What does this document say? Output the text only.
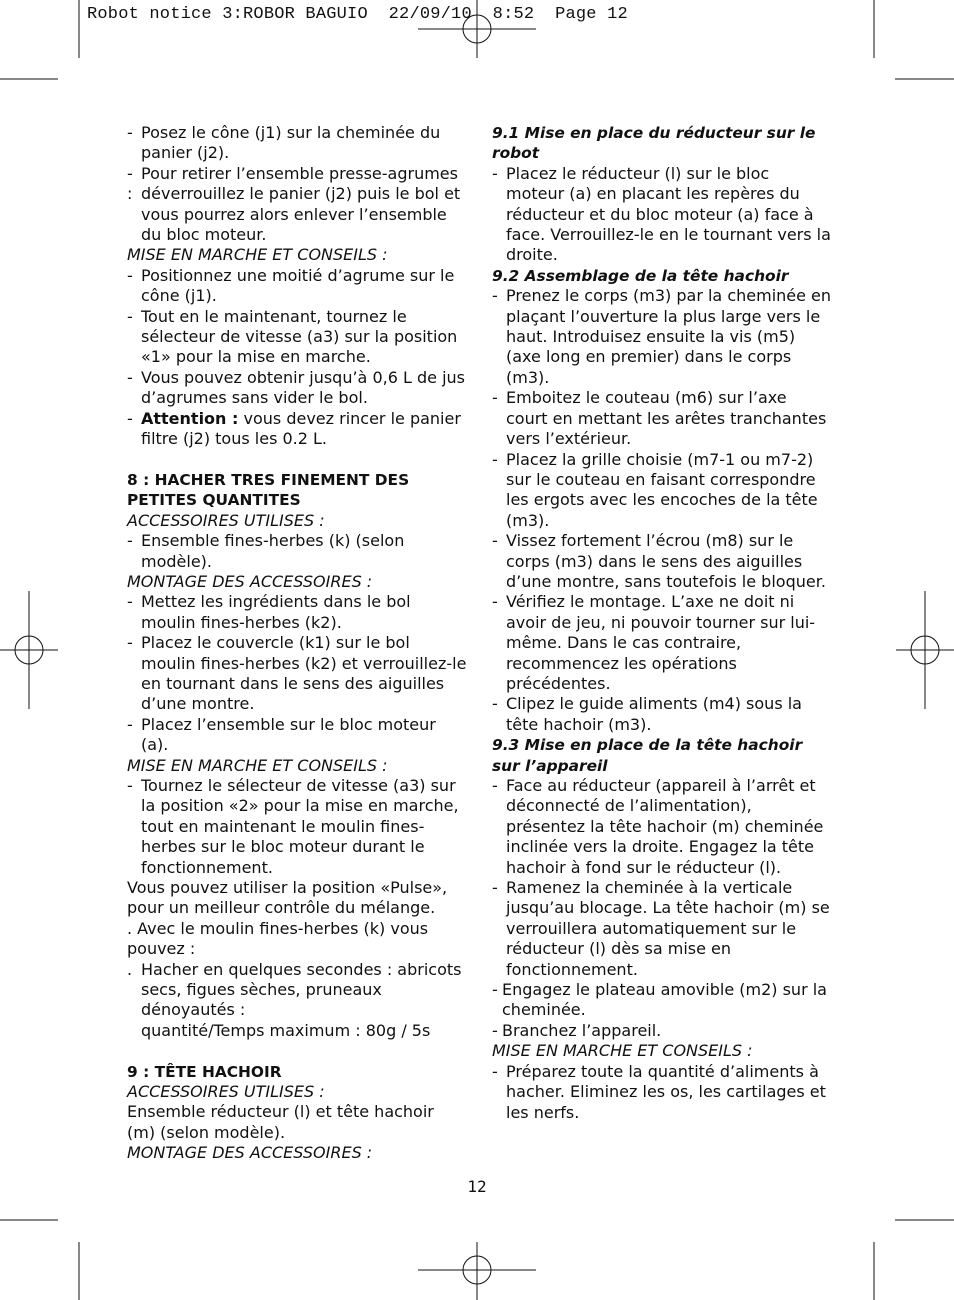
Robot notice 3:ROBOR BAGUIO  22/09/10  8:52  Page 12
- Posez le cône (j1) sur la cheminée du panier (j2).
- Pour retirer l’ensemble presse-agrumes
: déverrouillez le panier (j2) puis le bol et vous pourrez alors enlever l’ensemble du bloc moteur.
MISE EN MARCHE ET CONSEILS :
- Positionnez une moitié d’agrume sur le cône (j1).
- Tout en le maintenant, tournez le sélecteur de vitesse (a3) sur la position «1» pour la mise en marche.
- Vous pouvez obtenir jusqu’à 0,6 L de jus d’agrumes sans vider le bol.
- Attention : vous devez rincer le panier filtre (j2) tous les 0.2 L.
8 : HACHER TRES FINEMENT DES PETITES QUANTITES
ACCESSOIRES UTILISES :
- Ensemble fines-herbes (k) (selon modèle).
MONTAGE DES ACCESSOIRES :
- Mettez les ingrédients dans le bol moulin fines-herbes (k2).
- Placez le couvercle (k1) sur le bol moulin fines-herbes (k2) et verrouillez-le en tournant dans le sens des aiguilles d’une montre.
- Placez l’ensemble sur le bloc moteur (a).
MISE EN MARCHE ET CONSEILS :
- Tournez le sélecteur de vitesse (a3) sur la position «2» pour la mise en marche, tout en maintenant le moulin fines-herbes sur le bloc moteur durant le fonctionnement.
Vous pouvez utiliser la position «Pulse», pour un meilleur contrôle du mélange.
. Avec le moulin fines-herbes (k) vous pouvez :
. Hacher en quelques secondes : abricots secs, figues sèches, pruneaux dénoyautés :
quantité/Temps maximum : 80g / 5s
9 : TÊTE HACHOIR
ACCESSOIRES UTILISES :
Ensemble réducteur (l) et tête hachoir (m) (selon modèle).
MONTAGE DES ACCESSOIRES :
9.1 Mise en place du réducteur sur le robot
- Placez le réducteur (l) sur le bloc moteur (a) en placant les repères du réducteur et du bloc moteur (a) face à face. Verrouillez-le en le tournant vers la droite.
9.2 Assemblage de la tête hachoir
- Prenez le corps (m3) par la cheminée en plaçant l’ouverture la plus large vers le haut. Introduisez ensuite la vis (m5) (axe long en premier) dans le corps (m3).
- Emboitez le couteau (m6) sur l’axe court en mettant les arêtes tranchantes vers l’extérieur.
- Placez la grille choisie (m7-1 ou m7-2) sur le couteau en faisant correspondre les ergots avec les encoches de la tête (m3).
- Vissez fortement l’écrou (m8) sur le corps (m3) dans le sens des aiguilles d’une montre, sans toutefois le bloquer.
- Vérifiez le montage. L’axe ne doit ni avoir de jeu, ni pouvoir tourner sur lui-même. Dans le cas contraire, recommencez les opérations précédentes.
- Clipez le guide aliments (m4) sous la tête hachoir (m3).
9.3 Mise en place de la tête hachoir sur l’appareil
- Face au réducteur (appareil à l’arrêt et déconnecté de l’alimentation), présentez la tête hachoir (m) cheminée inclinée vers la droite. Engagez la tête hachoir à fond sur le réducteur (l).
- Ramenez la cheminée à la verticale jusqu’au blocage. La tête hachoir (m) se verrouillera automatiquement sur le réducteur (l) dès sa mise en fonctionnement.
- Engagez le plateau amovible (m2) sur la cheminée.
- Branchez l’appareil.
MISE EN MARCHE ET CONSEILS :
- Préparez toute la quantité d’aliments à hacher. Eliminez les os, les cartilages et les nerfs.
12
